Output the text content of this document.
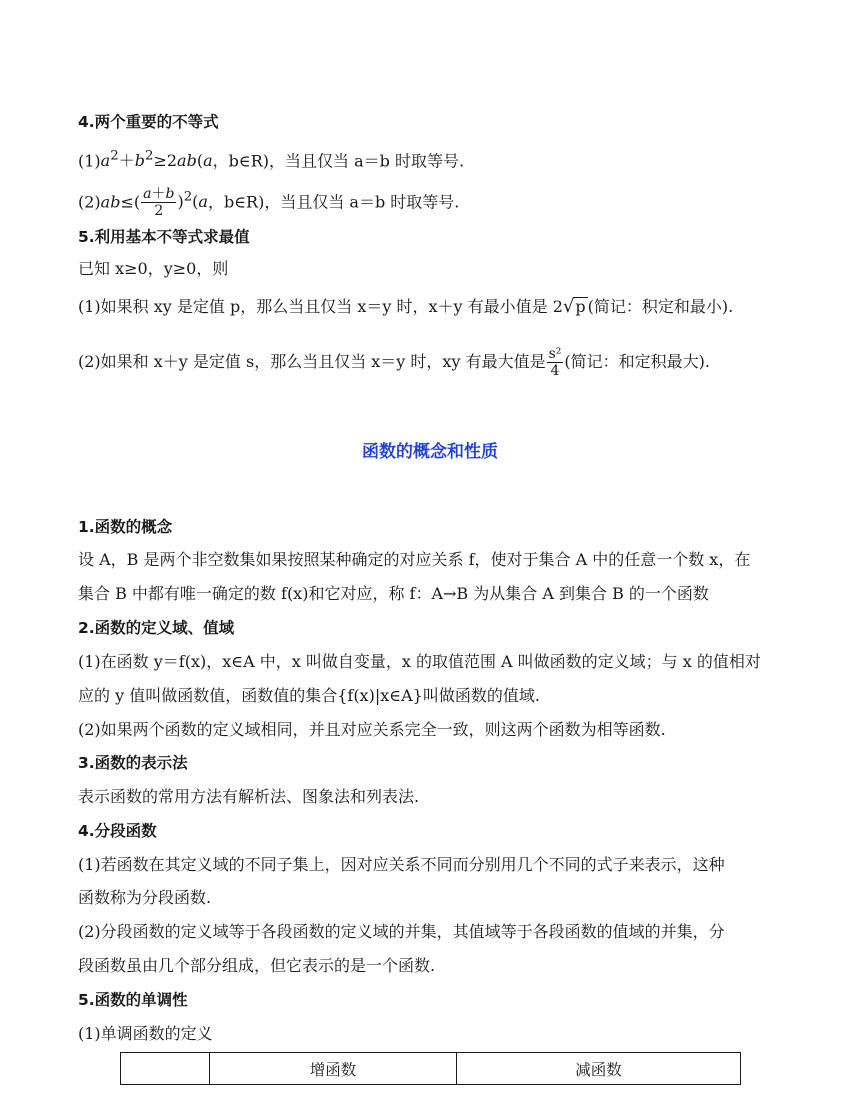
4.两个重要的不等式
$(1)a^2+b^2\ge 2ab(a$，b∈R)，当且仅当 a＝b 时取等号.
$(2)ab\le( \frac{a+b}{2} )^2(a$，b∈R)，当且仅当 a＝b 时取等号.
5.利用基本不等式求最值
已知 x≥0，y≥0，则
(1)如果积 xy 是定值 p，那么当且仅当 x＝y 时，x＋y 有最小值是 2√p (简记：积定和最小).
(2)如果和 x＋y 是定值 s，那么当且仅当 x＝y 时，xy 有最大值是 $\frac{\text{s²}}{4}$ (简记：和定积最大).
函数的概念和性质
1.函数的概念
设 A，B 是两个非空数集如果按照某种确定的对应关系 f，使对于集合 A 中的任意一个数 x，在
集合 B 中都有唯一确定的数 f(x)和它对应，称 f：A→B 为从集合 A 到集合 B 的一个函数
2.函数的定义域、值域
(1)在函数 y＝f(x)，x∈A 中，x 叫做自变量，x 的取值范围 A 叫做函数的定义域；与 x 的值相对
应的 y 值叫做函数值，函数值的集合{f(x)|x∈A}叫做函数的值域.
(2)如果两个函数的定义域相同，并且对应关系完全一致，则这两个函数为相等函数.
3.函数的表示法
表示函数的常用方法有解析法、图象法和列表法.
4.分段函数
(1)若函数在其定义域的不同子集上，因对应关系不同而分别用几个不同的式子来表示，这种
函数称为分段函数.
(2)分段函数的定义域等于各段函数的定义域的并集，其值域等于各段函数的值域的并集，分
段函数虽由几个部分组成，但它表示的是一个函数.
5.函数的单调性
(1)单调函数的定义
	增函数	减函数
